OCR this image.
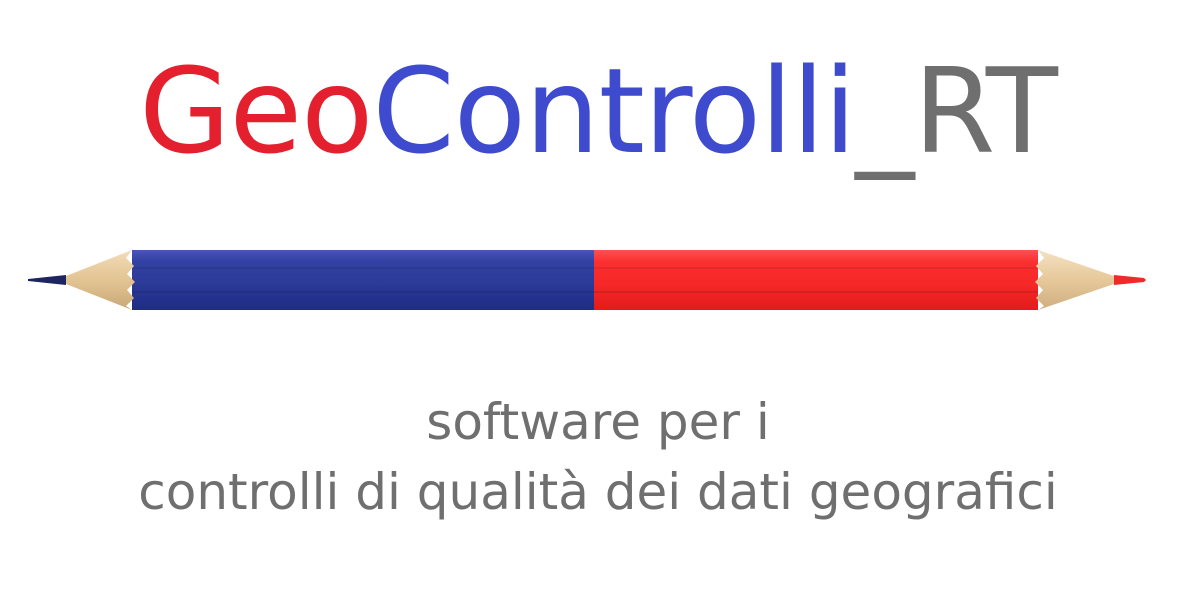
GeoControlli_RT
software per i
controlli di qualità dei dati geografici
